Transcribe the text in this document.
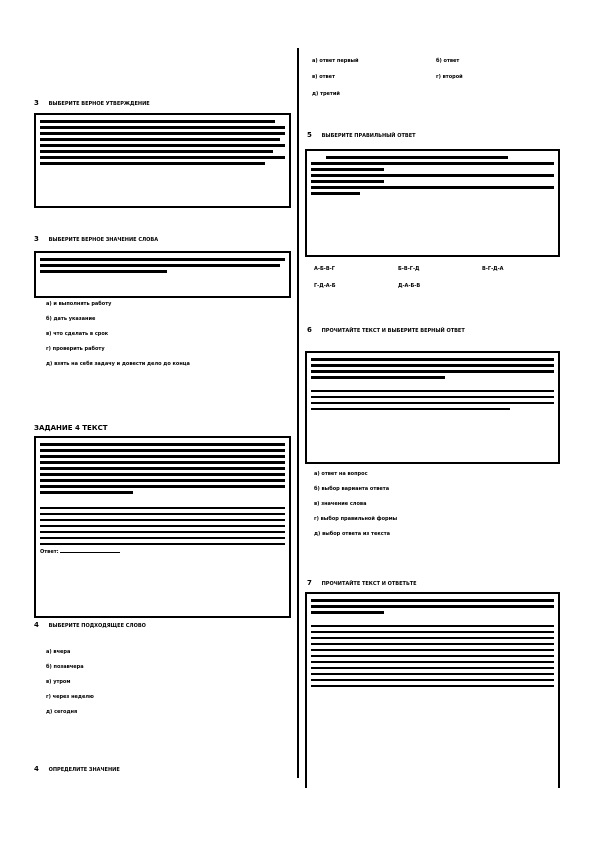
3 ВЫБЕРИТЕ ВЕРНОЕ УТВЕРЖДЕНИЕ
3 ВЫБЕРИТЕ ВЕРНОЕ ЗНАЧЕНИЕ СЛОВА
а) и выполнять работу
б) дать указание
в) что сделать в срок
г) проверить работу
д) взять на себя задачу и довести дело до конца
ЗАДАНИЕ 4 ТЕКСТ
Ответ:
4 ВЫБЕРИТЕ ПОДХОДЯЩЕЕ СЛОВО
а) вчера
б) позавчера
в) утром
г) через неделю
д) сегодня
4 ОПРЕДЕЛИТЕ ЗНАЧЕНИЕ
а) ответ первый	б) ответ
в) ответ	г) второй
д) третий
5 ВЫБЕРИТЕ ПРАВИЛЬНЫЙ ОТВЕТ
А-Б-В-Г	Б-В-Г-Д	В-Г-Д-А
Г-Д-А-Б	Д-А-Б-В
6 ПРОЧИТАЙТЕ ТЕКСТ И ВЫБЕРИТЕ ВЕРНЫЙ ОТВЕТ
а) ответ на вопрос
б) выбор варианта ответа
в) значение слова
г) выбор правильной формы
д) выбор ответа из текста
7 ПРОЧИТАЙТЕ ТЕКСТ И ОТВЕТЬТЕ
